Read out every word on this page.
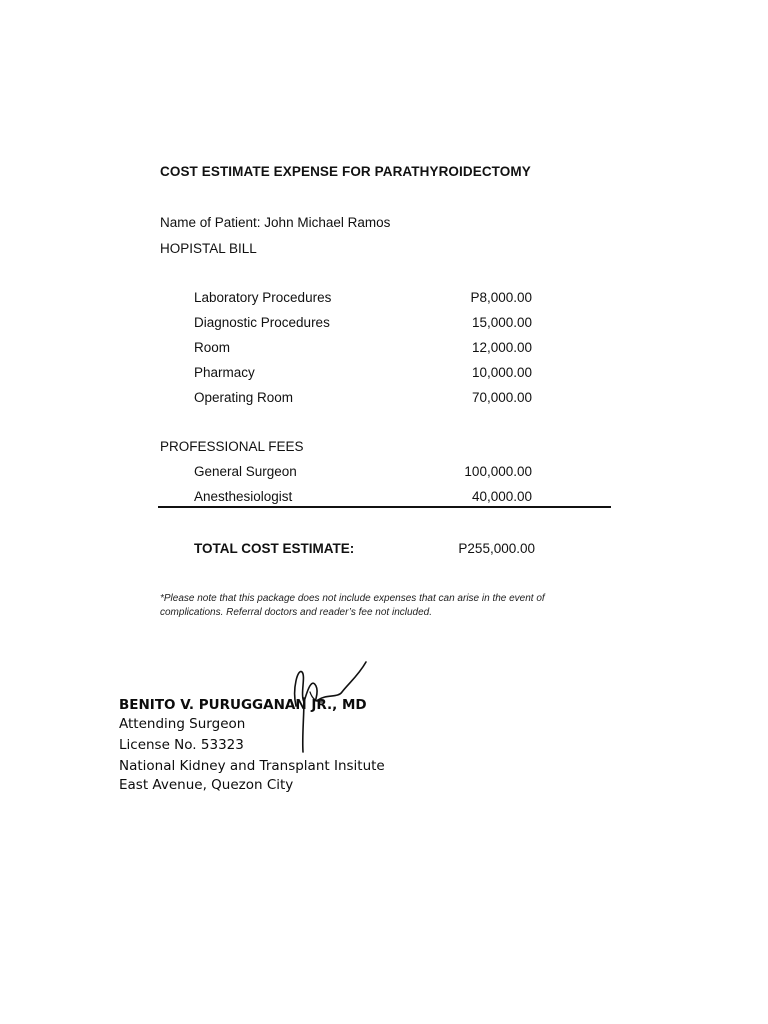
COST ESTIMATE EXPENSE FOR PARATHYROIDECTOMY
Name of Patient: John Michael Ramos
HOPISTAL BILL
Laboratory Procedures	P8,000.00
Diagnostic Procedures	15,000.00
Room	12,000.00
Pharmacy	10,000.00
Operating Room	70,000.00
PROFESSIONAL FEES
General Surgeon	100,000.00
Anesthesiologist	40,000.00
TOTAL COST ESTIMATE:	P255,000.00
*Please note that this package does not include expenses that can arise in the event of
complications. Referral doctors and reader’s fee not included.
BENITO V. PURUGGANAN JR., MD
Attending Surgeon
License No. 53323
National Kidney and Transplant Insitute
East Avenue, Quezon City
